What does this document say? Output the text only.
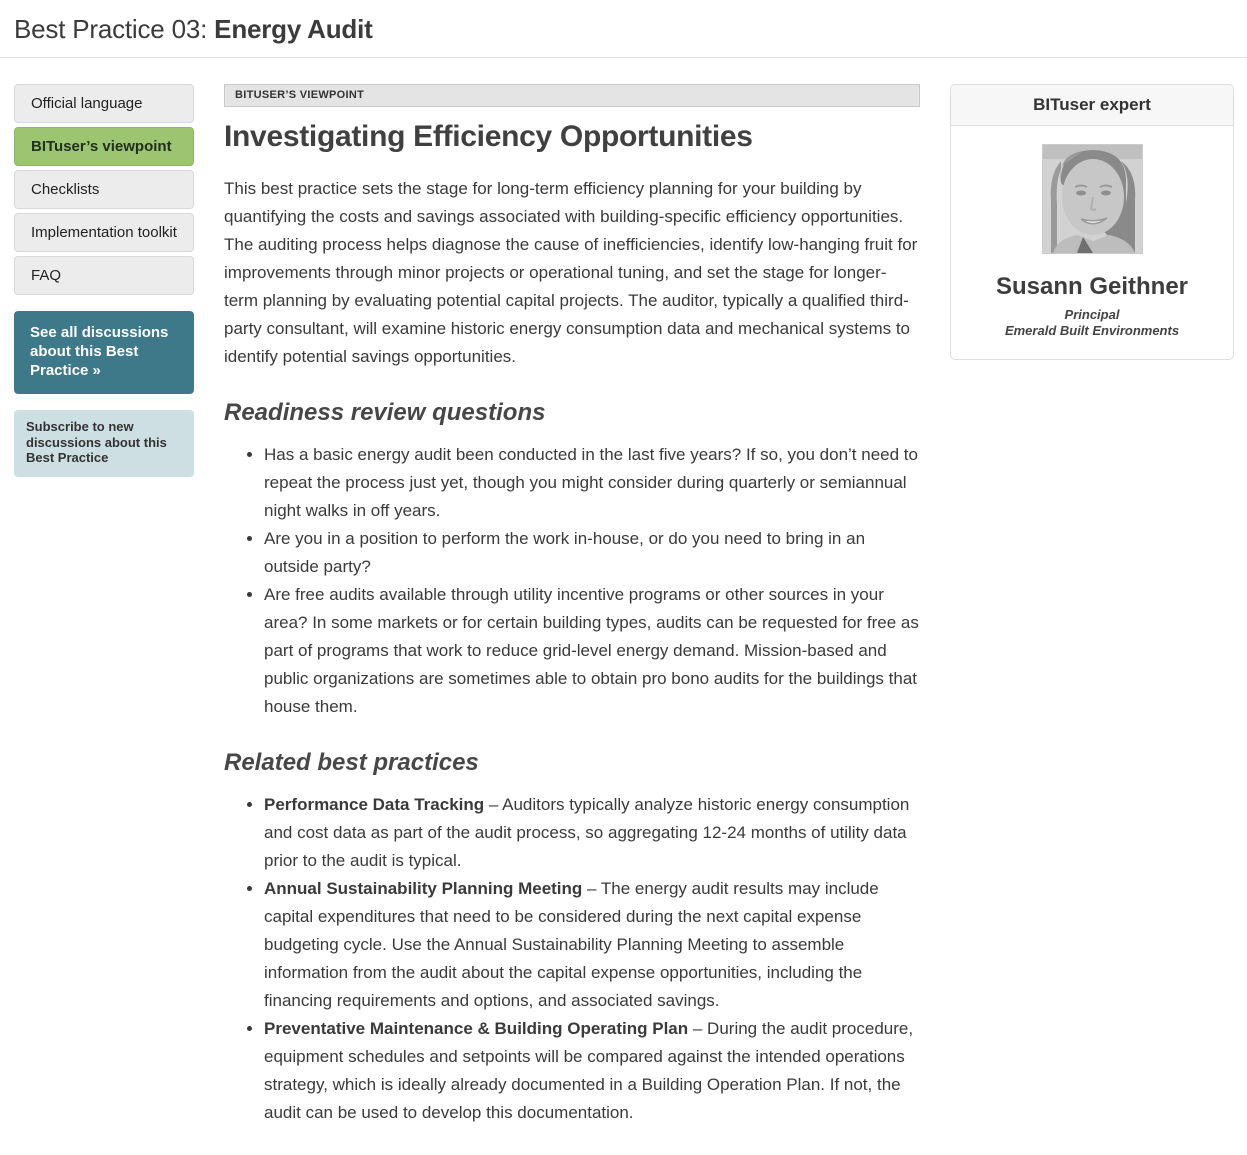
Best Practice 03: Energy Audit
Official language
BITuser’s viewpoint
Checklists
Implementation toolkit
FAQ
See all discussions about this Best Practice »
Subscribe to new discussions about this Best Practice
BITUSER’S VIEWPOINT
Investigating Efficiency Opportunities

This best practice sets the stage for long-term efficiency planning for your building by quantifying the costs and savings associated with building-specific efficiency opportunities. The auditing process helps diagnose the cause of inefficiencies, identify low-hanging fruit for improvements through minor projects or operational tuning, and set the stage for longer-term planning by evaluating potential capital projects. The auditor, typically a qualified third-party consultant, will examine historic energy consumption data and mechanical systems to identify potential savings opportunities.

Readiness review questions
• Has a basic energy audit been conducted in the last five years? If so, you don’t need to repeat the process just yet, though you might consider during quarterly or semiannual night walks in off years.
• Are you in a position to perform the work in-house, or do you need to bring in an outside party?
• Are free audits available through utility incentive programs or other sources in your area? In some markets or for certain building types, audits can be requested for free as part of programs that work to reduce grid-level energy demand. Mission-based and public organizations are sometimes able to obtain pro bono audits for the buildings that house them.
Related best practices
• Performance Data Tracking – Auditors typically analyze historic energy consumption and cost data as part of the audit process, so aggregating 12-24 months of utility data prior to the audit is typical.
• Annual Sustainability Planning Meeting – The energy audit results may include capital expenditures that need to be considered during the next capital expense budgeting cycle. Use the Annual Sustainability Planning Meeting to assemble information from the audit about the capital expense opportunities, including the financing requirements and options, and associated savings.
• Preventative Maintenance & Building Operating Plan – During the audit procedure, equipment schedules and setpoints will be compared against the intended operations strategy, which is ideally already documented in a Building Operation Plan. If not, the audit can be used to develop this documentation.
BITuser expert
Susann Geithner
Principal
Emerald Built Environments
